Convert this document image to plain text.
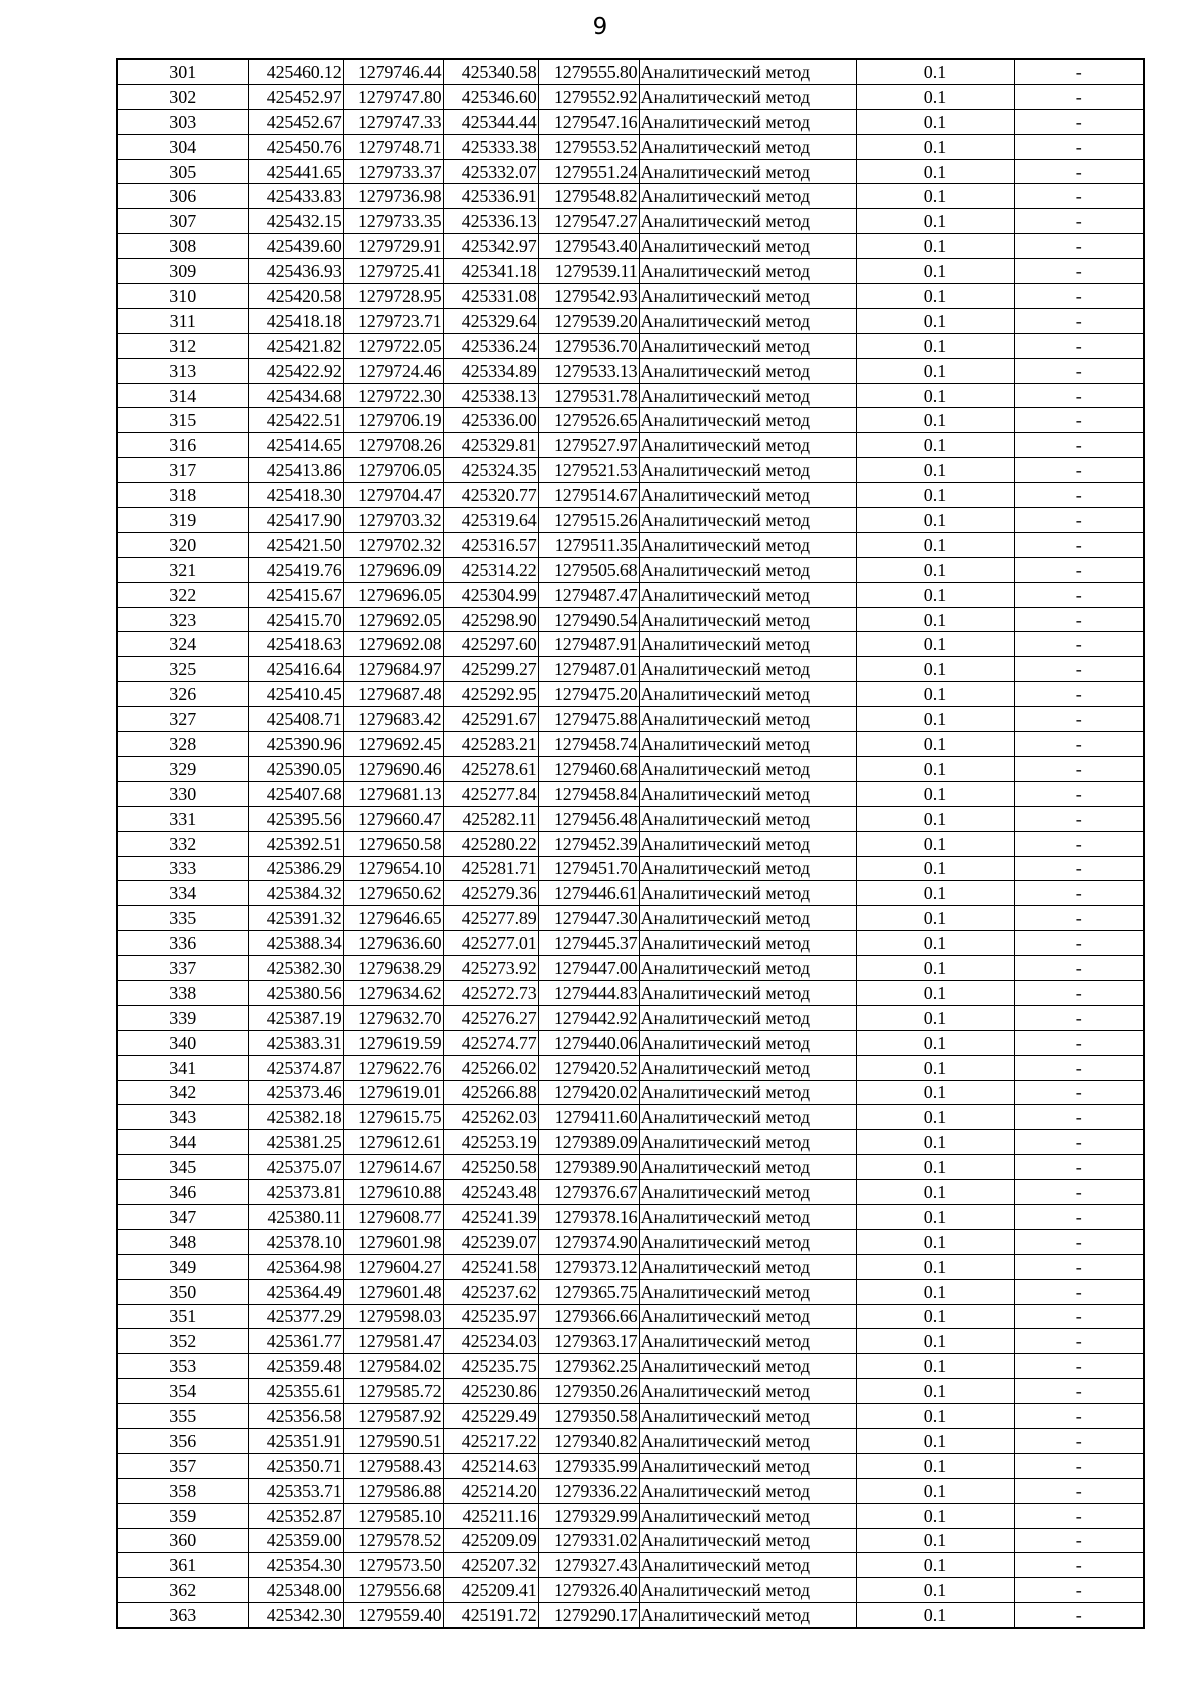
9
301	425460.12	1279746.44	425340.58	1279555.80	Аналитический метод	0.1	-
302	425452.97	1279747.80	425346.60	1279552.92	Аналитический метод	0.1	-
303	425452.67	1279747.33	425344.44	1279547.16	Аналитический метод	0.1	-
304	425450.76	1279748.71	425333.38	1279553.52	Аналитический метод	0.1	-
305	425441.65	1279733.37	425332.07	1279551.24	Аналитический метод	0.1	-
306	425433.83	1279736.98	425336.91	1279548.82	Аналитический метод	0.1	-
307	425432.15	1279733.35	425336.13	1279547.27	Аналитический метод	0.1	-
308	425439.60	1279729.91	425342.97	1279543.40	Аналитический метод	0.1	-
309	425436.93	1279725.41	425341.18	1279539.11	Аналитический метод	0.1	-
310	425420.58	1279728.95	425331.08	1279542.93	Аналитический метод	0.1	-
311	425418.18	1279723.71	425329.64	1279539.20	Аналитический метод	0.1	-
312	425421.82	1279722.05	425336.24	1279536.70	Аналитический метод	0.1	-
313	425422.92	1279724.46	425334.89	1279533.13	Аналитический метод	0.1	-
314	425434.68	1279722.30	425338.13	1279531.78	Аналитический метод	0.1	-
315	425422.51	1279706.19	425336.00	1279526.65	Аналитический метод	0.1	-
316	425414.65	1279708.26	425329.81	1279527.97	Аналитический метод	0.1	-
317	425413.86	1279706.05	425324.35	1279521.53	Аналитический метод	0.1	-
318	425418.30	1279704.47	425320.77	1279514.67	Аналитический метод	0.1	-
319	425417.90	1279703.32	425319.64	1279515.26	Аналитический метод	0.1	-
320	425421.50	1279702.32	425316.57	1279511.35	Аналитический метод	0.1	-
321	425419.76	1279696.09	425314.22	1279505.68	Аналитический метод	0.1	-
322	425415.67	1279696.05	425304.99	1279487.47	Аналитический метод	0.1	-
323	425415.70	1279692.05	425298.90	1279490.54	Аналитический метод	0.1	-
324	425418.63	1279692.08	425297.60	1279487.91	Аналитический метод	0.1	-
325	425416.64	1279684.97	425299.27	1279487.01	Аналитический метод	0.1	-
326	425410.45	1279687.48	425292.95	1279475.20	Аналитический метод	0.1	-
327	425408.71	1279683.42	425291.67	1279475.88	Аналитический метод	0.1	-
328	425390.96	1279692.45	425283.21	1279458.74	Аналитический метод	0.1	-
329	425390.05	1279690.46	425278.61	1279460.68	Аналитический метод	0.1	-
330	425407.68	1279681.13	425277.84	1279458.84	Аналитический метод	0.1	-
331	425395.56	1279660.47	425282.11	1279456.48	Аналитический метод	0.1	-
332	425392.51	1279650.58	425280.22	1279452.39	Аналитический метод	0.1	-
333	425386.29	1279654.10	425281.71	1279451.70	Аналитический метод	0.1	-
334	425384.32	1279650.62	425279.36	1279446.61	Аналитический метод	0.1	-
335	425391.32	1279646.65	425277.89	1279447.30	Аналитический метод	0.1	-
336	425388.34	1279636.60	425277.01	1279445.37	Аналитический метод	0.1	-
337	425382.30	1279638.29	425273.92	1279447.00	Аналитический метод	0.1	-
338	425380.56	1279634.62	425272.73	1279444.83	Аналитический метод	0.1	-
339	425387.19	1279632.70	425276.27	1279442.92	Аналитический метод	0.1	-
340	425383.31	1279619.59	425274.77	1279440.06	Аналитический метод	0.1	-
341	425374.87	1279622.76	425266.02	1279420.52	Аналитический метод	0.1	-
342	425373.46	1279619.01	425266.88	1279420.02	Аналитический метод	0.1	-
343	425382.18	1279615.75	425262.03	1279411.60	Аналитический метод	0.1	-
344	425381.25	1279612.61	425253.19	1279389.09	Аналитический метод	0.1	-
345	425375.07	1279614.67	425250.58	1279389.90	Аналитический метод	0.1	-
346	425373.81	1279610.88	425243.48	1279376.67	Аналитический метод	0.1	-
347	425380.11	1279608.77	425241.39	1279378.16	Аналитический метод	0.1	-
348	425378.10	1279601.98	425239.07	1279374.90	Аналитический метод	0.1	-
349	425364.98	1279604.27	425241.58	1279373.12	Аналитический метод	0.1	-
350	425364.49	1279601.48	425237.62	1279365.75	Аналитический метод	0.1	-
351	425377.29	1279598.03	425235.97	1279366.66	Аналитический метод	0.1	-
352	425361.77	1279581.47	425234.03	1279363.17	Аналитический метод	0.1	-
353	425359.48	1279584.02	425235.75	1279362.25	Аналитический метод	0.1	-
354	425355.61	1279585.72	425230.86	1279350.26	Аналитический метод	0.1	-
355	425356.58	1279587.92	425229.49	1279350.58	Аналитический метод	0.1	-
356	425351.91	1279590.51	425217.22	1279340.82	Аналитический метод	0.1	-
357	425350.71	1279588.43	425214.63	1279335.99	Аналитический метод	0.1	-
358	425353.71	1279586.88	425214.20	1279336.22	Аналитический метод	0.1	-
359	425352.87	1279585.10	425211.16	1279329.99	Аналитический метод	0.1	-
360	425359.00	1279578.52	425209.09	1279331.02	Аналитический метод	0.1	-
361	425354.30	1279573.50	425207.32	1279327.43	Аналитический метод	0.1	-
362	425348.00	1279556.68	425209.41	1279326.40	Аналитический метод	0.1	-
363	425342.30	1279559.40	425191.72	1279290.17	Аналитический метод	0.1	-
